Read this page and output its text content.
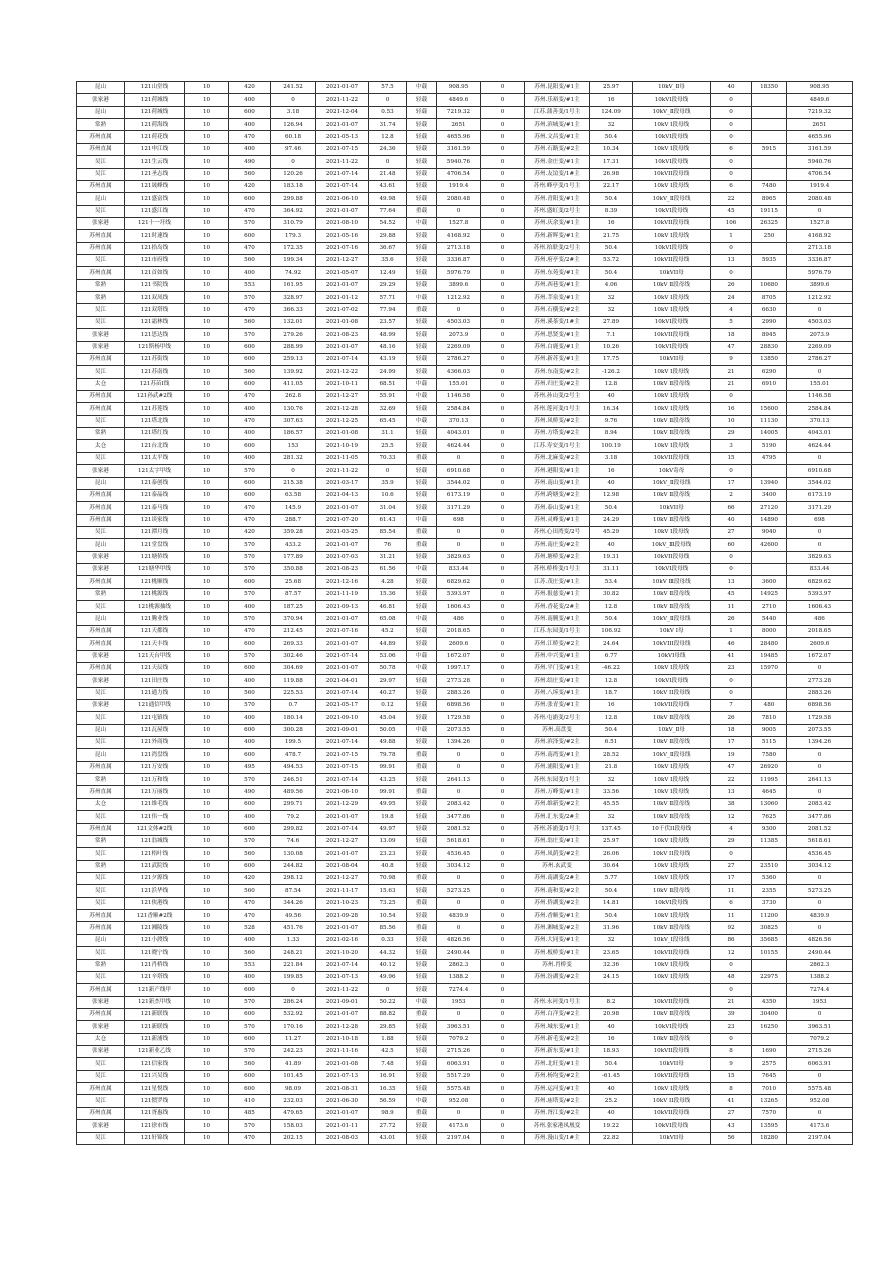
昆山	121山堂线	10	420	241.52	2021-01-07	57.5	中载	908.95	0	苏州.昆阳变/#1主	25.97	10kV_Ⅱ母	40	18350	908.95
张家港	121荷城线	10	400	0	2021-11-22	0	轻载	4849.6	0	苏州.乐裕变/#1主	16	10kVI段母线	0		4849.6
昆山	121荷城线	10	600	3.18	2021-12-04	0.53	轻载	7219.32	0	江苏.蒲善变/1号主	124.09	10kV_Ⅱ段母线	0		7219.32
常熟	121荷海线	10	400	126.94	2021-01-07	31.74	轻载	2651	0	苏州.滨城变/#1主	32	10kV Ⅰ段母线	0		2651
苏州直属	121荷花线	10	470	60.18	2021-05-13	12.8	轻载	4655.96	0	苏州.文昌变/#1主	50.4	10kVI段母线	0		4655.96
苏州直属	121申江线	10	400	97.46	2021-07-15	24.36	轻载	3161.59	0	苏州.石路变/#2主	10.34	10kV Ⅰ段母线	6	5915	3161.59
吴江	121生云线	10	490	0	2021-11-22	0	轻载	5940.76	0	苏州.金庄变/#1主	17.31	10kVI段母线	0		5940.76
吴江	121圣志线	10	560	120.26	2021-07-14	21.48	轻载	4706.54	0	苏州.友谊变/1#主	26.98	10kVII段母线	0		4706.54
苏州直属	121晟峰线	10	420	183.18	2021-07-14	43.61	轻载	1919.4	0	苏州.峰亭变/1号主	22.17	10kV Ⅰ段母线	6	7480	1919.4
昆山	121盛富线	10	600	299.88	2021-06-10	49.98	轻载	2080.48	0	苏州.青阳变/#1主	50.4	10kV_Ⅱ段母线	22	8965	2080.48
吴江	121盛江线	10	470	364.92	2021-01-07	77.64	重载	0	0	苏州.盛虹变/2号主	8.39	10kVI段母线	45	19115	0
张家港	121十一圩线	10	570	310.79	2021-08-10	54.52	中载	1527.8	0	苏州.庆余变/#1主	16	10kVII段母线	106	26325	1527.8
苏州直属	121时速线	10	600	179.3	2021-05-16	29.88	轻载	4168.92	0	苏州.新晖变/#1主	21.75	10kV Ⅰ段母线	1	250	4168.92
苏州直属	121拾岛线	10	470	172.35	2021-07-16	36.67	轻载	2713.18	0	苏州.拾联变/2号主	50.4	10kVI段母线	0		2713.18
吴江	121市府线	10	560	199.34	2021-12-27	35.6	轻载	3336.87	0	苏州.府亭变/2#主	53.72	10kVII段母线	13	5935	3336.87
苏州直属	121首如线	10	400	74.92	2021-05-07	12.49	轻载	5976.79	0	苏州.东苑变/#1主	50.4	10kVII母	0		5976.79
常熟	121书院线	10	553	161.95	2021-01-07	29.29	轻载	3899.6	0	苏州.西巷变/#1主	4.06	10kV Ⅱ段母线	26	10680	3899.6
常熟	121双凤线	10	570	328.97	2021-01-12	57.71	中载	1212.92	0	苏州.莘泉变/#1主	32	10kV Ⅰ段母线	24	8705	1212.92
吴江	121双塔线	10	470	366.33	2021-07-02	77.94	重载	0	0	苏州.石横变/#2主	32	10kV Ⅰ段母线	4	6630	0
吴江	121霜林线	10	560	132.01	2021-01-08	23.57	轻载	4503.03	0	苏州.溪茶变/1#主	27.89	10kVI段母线	5	2990	4503.03
张家港	121思达线	10	570	279.26	2021-08-23	48.99	轻载	2073.9	0	苏州.思贤变/#1主	7.1	10kVII段母线	18	8945	2073.9
张家港	121斯杨甲线	10	600	288.99	2021-01-07	48.16	轻载	2269.09	0	苏州.白鹿变/#1主	10.26	10kVI段母线	47	28830	2269.09
苏州直属	121苏街线	10	600	259.13	2021-07-14	43.19	轻载	2786.27	0	苏州.新苏变/#1主	17.75	10kVII母	9	13850	2786.27
吴江	121苏南线	10	560	139.92	2021-12-22	24.99	轻载	4366.03	0	苏州.东南变/#2主	-126.2	10kV Ⅰ段母线	21	6290	0
太仓	121苏苗Ⅰ线	10	600	411.05	2021-10-11	68.51	中载	155.01	0	苏州.归庄变/#2主	12.8	10kV Ⅱ段母线	21	6910	155.01
苏州直属	121孙武#2线	10	470	262.8	2021-12-27	55.91	中载	1146.58	0	苏州.孙山变/2号主	40	10kV I段母线	0		1146.58
苏州直属	121苏莲线	10	400	130.76	2021-12-28	32.69	轻载	2584.84	0	苏州.莲河变/1号主	16.34	10kV Ⅰ段母线	16	15600	2584.84
吴江	121塔北线	10	470	307.63	2021-12-25	65.45	中载	370.13	0	苏州.凤桥变/#2主	9.76	10kV Ⅱ段母线	10	11130	370.13
常熟	121塔红线	10	400	186.57	2021-01-08	31.1	轻载	4043.01	0	苏州.方塔变/#2主	8.94	10kV Ⅱ段母线	29	14005	4043.01
太仓	121台北线	10	600	153	2021-10-19	25.5	轻载	4624.44	0	江苏.寿安变/1号主	100.19	10kV Ⅰ段母线	3	5190	4624.44
吴江	121太平线	10	400	281.32	2021-11-05	70.33	重载	0	0	苏州.北麻变/#2主	3.18	10kVII段母线	15	4795	0
张家港	121太字甲线	10	570	0	2021-11-22	0	轻载	6910.68	0	苏州.港阳变/#1主	16	10kV寄母	0		6910.68
昆山	121泰创线	10	600	215.38	2021-03-17	35.9	轻载	3544.02	0	苏州.南山变/#1主	40	10kV_Ⅱ段母线	17	13940	3544.02
苏州直属	121泰晶线	10	600	63.58	2021-04-13	10.6	轻载	6173.19	0	苏州.跨塘变/#2主	12.98	10kV Ⅱ段母线	2	3400	6173.19
苏州直属	121泰马线	10	470	145.9	2021-01-07	31.04	轻载	3171.29	0	苏州.泰山变/#1主	50.4	10kVII母	66	27120	3171.29
苏州直属	121谈家线	10	470	288.7	2021-07-20	61.43	中载	698	0	苏州.灵峰变/#1主	24.29	10kV Ⅱ段母线	40	14890	698
吴江	121潭月线	10	420	359.28	2021-03-25	85.54	重载	0	0	苏州.心田湾变/2号	45.29	10kV I段母线	27	9040	0
昆山	121堂盘线	10	570	433.2	2021-01-07	76	重载	0	0	苏州.南庄变/#2主	40	10kV_Ⅲ段母线	60	42600	0
张家港	121塘侨线	10	570	177.89	2021-07-03	31.21	轻载	3829.63	0	苏州.塘桥变/#2主	19.31	10kVII段母线	0		3829.63
张家港	121塘华甲线	10	570	350.88	2021-08-23	61.56	中载	833.44	0	苏州.桥桥变/1号主	31.11	10kVI段母线	0		833.44
苏州直属	121桃顺线	10	600	25.68	2021-12-16	4.28	轻载	6829.62	0	江苏.茂庄变/#1主	53.4	10kV Ⅲ段母线	13	3600	6829.62
常熟	121桃源线	10	570	87.57	2021-11-19	15.36	轻载	5393.97	0	苏州.报慈变/#1主	30.82	10kV Ⅱ段母线	45	14925	5393.97
吴江	121桃源抽线	10	400	187.25	2021-09-13	46.81	轻载	1606.43	0	苏州.香花变/2#主	12.8	10kV Ⅱ段母线	11	2710	1606.43
昆山	121腾业线	10	570	370.94	2021-01-07	65.08	中载	486	0	苏州.南腾变/#1主	50.4	10kV_Ⅱ段母线	26	5440	486
苏州直属	121天都线	10	470	212.45	2021-07-16	45.2	轻载	2018.65	0	江苏.东园变/1号主	106.92	10kV I母	1	8000	2018.65
苏州直属	121天丰线	10	600	269.33	2021-01-07	44.89	轻载	2609.6	0	苏州.江桥变/#2主	24.64	10kVIII段母线	46	28480	2609.6
张家港	121天台甲线	10	570	302.46	2021-07-14	53.06	中载	1672.07	0	苏州.中兴变/#1主	6.77	10kVI母线	41	19485	1672.07
苏州直属	121天辰线	10	600	304.69	2021-01-07	50.78	中载	1997.17	0	苏州.平门变/#1主	-46.22	10kV Ⅰ段母线	23	15970	0
张家港	121田庄线	10	400	119.88	2021-04-01	29.97	轻载	2773.28	0	苏州.结庄变/#1主	12.8	10kVI段母线	0		2773.28
吴江	121通力线	10	560	225.53	2021-07-14	40.27	轻载	2883.26	0	苏州.八坼变/#1主	18.7	10kV II段母线	0		2883.26
张家港	121通信甲线	10	570	0.7	2021-05-17	0.12	轻载	6898.56	0	苏州.张青变/#1主	16	10kVII段母线	7	480	6898.56
吴江	121屯镇线	10	400	180.14	2021-09-10	45.04	轻载	1729.58	0	苏州.屯浦变/2号主	12.8	10kV Ⅱ段母线	26	7810	1729.58
昆山	121瓦屋线	10	600	300.28	2021-09-01	50.05	中载	2073.55	0	苏州.高盘变	50.4	10kV_Ⅱ母	18	9005	2073.55
吴江	121外商线	10	400	199.5	2021-07-14	49.88	轻载	1394.26	0	苏州.滨泽变/#2主	6.51	10kV Ⅱ段母线	17	5115	1394.26
昆山	121湾盘线	10	600	478.7	2021-07-15	79.78	重载	0	0	苏州.南湾变/#1主	28.52	10kV_Ⅱ段母线	19	7580	0
苏州直属	121万安线	10	495	494.53	2021-07-15	99.91	重载	0	0	苏州.浦阳变/#1主	21.8	10kV Ⅰ段母线	47	26920	0
常熟	121万和线	10	570	246.51	2021-07-14	43.25	轻载	2641.13	0	苏州.东园变/1号主	32	10kV Ⅰ段母线	22	11995	2641.13
苏州直属	121万丽线	10	490	489.56	2021-06-10	99.91	重载	0	0	苏州.万峰变/#1主	33.56	10kV Ⅰ段母线	13	4645	0
太仓	121维毛线	10	600	299.71	2021-12-29	49.95	轻载	2083.42	0	苏州.维新变/#2主	45.55	10kV Ⅱ段母线	38	13060	2083.42
吴江	121伟一线	10	400	79.2	2021-01-07	19.8	轻载	3477.86	0	苏州.汇东变/2#主	32	10kV Ⅱ段母线	12	7625	3477.86
苏州直属	121文体#2线	10	600	299.82	2021-07-14	49.97	轻载	2081.52	0	苏州.苏浦变/1号主	137.45	10千伏II段母线	4	9300	2081.52
常熟	121翁城线	10	570	74.6	2021-12-27	13.09	轻载	5618.61	0	苏州.翁庄变/#1主	25.97	10kV Ⅰ段母线	29	11385	5618.61
吴江	121梧叶线	10	560	130.08	2021-01-07	23.23	轻载	4536.45	0	苏州.凤荫变/#2主	26.06	10kV II段母线	0		4536.45
常熟	121武院线	10	600	244.82	2021-08-04	40.8	轻载	3034.12	0	苏州.玄武变	30.64	10kV Ⅰ段母线	27	23510	3034.12
吴江	121夕源线	10	420	298.12	2021-12-27	70.98	重载	0	0	苏州.南湖变/2#主	5.77	10kV Ⅰ段母线	17	5360	0
吴江	121浜华线	10	560	87.54	2021-11-17	15.63	轻载	5273.25	0	苏州.南和变/#2主	50.4	10kV Ⅱ段母线	11	2355	5273.25
吴江	121侠港线	10	470	344.26	2021-10-23	73.25	重载	0	0	苏州.侨湖变/#2主	14.81	10kVI段母线	6	3730	0
苏州直属	121香顺#2线	10	470	49.56	2021-09-28	10.54	轻载	4839.9	0	苏州.香顺变/#1主	50.4	10kV Ⅰ段母线	11	11200	4839.9
苏州直属	121湘陵线	10	528	451.76	2021-01-07	85.56	重载	0	0	苏州.湘城变/#2主	31.96	10kV Ⅱ段母线	92	30825	0
昆山	121小渡线	10	400	1.33	2021-02-16	0.33	轻载	4826.56	0	苏州.大同变/#1主	32	10kV_Ⅰ段母线	86	35685	4826.56
吴江	121晓宁线	10	560	248.21	2021-10-20	44.32	轻载	2490.44	0	苏州.板桥变/#1主	23.65	10kVII段母线	12	10155	2490.44
常熟	121肖桥线	10	553	221.84	2021-07-14	40.12	轻载	2862.3	0	苏州.肖桥变	32.36	10kV Ⅰ段母线	0		2862.3
吴江	121辛塔线	10	400	199.85	2021-07-13	49.96	轻载	1388.2	0	苏州.汾湖变/#2主	24.15	10kV Ⅰ段母线	48	22975	1388.2
苏州直属	121新产线甲	10	600	0	2021-11-22	0	轻载	7274.4	0				0		7274.4
张家港	121新杰甲线	10	570	286.24	2021-09-01	50.22	中载	1953	0	苏州.永河变/1号主	8.2	10kVII段母线	21	4350	1953
苏州直属	121新联线	10	600	532.92	2021-01-07	88.82	重载	0	0	苏州.白洋变/#2主	20.98	10kV Ⅱ段母线	39	30400	0
张家港	121新联线	10	570	170.16	2021-12-28	29.85	轻载	3963.51	0	苏州.城东变/#1主	40	10kVI段母线	23	16250	3963.51
太仓	121新浦线	10	600	11.27	2021-10-18	1.88	轻载	7079.2	0	苏州.新毛变/#2主	16	10kV Ⅱ段母线	0		7079.2
张家港	121新业乙线	10	570	242.23	2021-11-16	42.5	轻载	2715.26	0	苏州.新东变/#1主	18.93	10kVII段母线	8	1690	2715.26
吴江	121信家线	10	560	41.89	2021-01-08	7.48	轻载	6063.91	0	苏州.北旺变/#1主	50.4	10kVII母	9	2575	6063.91
吴江	121兴吴线	10	600	101.45	2021-07-13	16.91	轻载	5517.29	0	苏州.杨均变/#2主	-61.45	10kVII段母线	15	7645	0
苏州直属	121星悦线	10	600	98.09	2021-08-31	16.35	轻载	5575.48	0	苏州.运河变/#1主	40	10kV Ⅰ段母线	8	7010	5575.48
吴江	121惯罗线	10	410	232.03	2021-06-30	56.59	中载	952.08	0	苏州.庙塔变/#2主	25.2	10kV II段母线	41	13265	952.08
苏州直属	121胥惠线	10	485	479.65	2021-01-07	98.9	重载	0	0	苏州.胥江变/#2主	40	10kVII段母线	27	7570	0
张家港	121徐市线	10	570	158.03	2021-01-11	27.72	轻载	4173.6	0	苏州.张家港凤凰变	19.22	10kVI段母线	43	13595	4173.6
吴江	121轩锦线	10	470	202.15	2021-08-03	43.01	轻载	2197.04	0	苏州.漫山变/1#主	22.82	10kVII母	56	18280	2197.04
